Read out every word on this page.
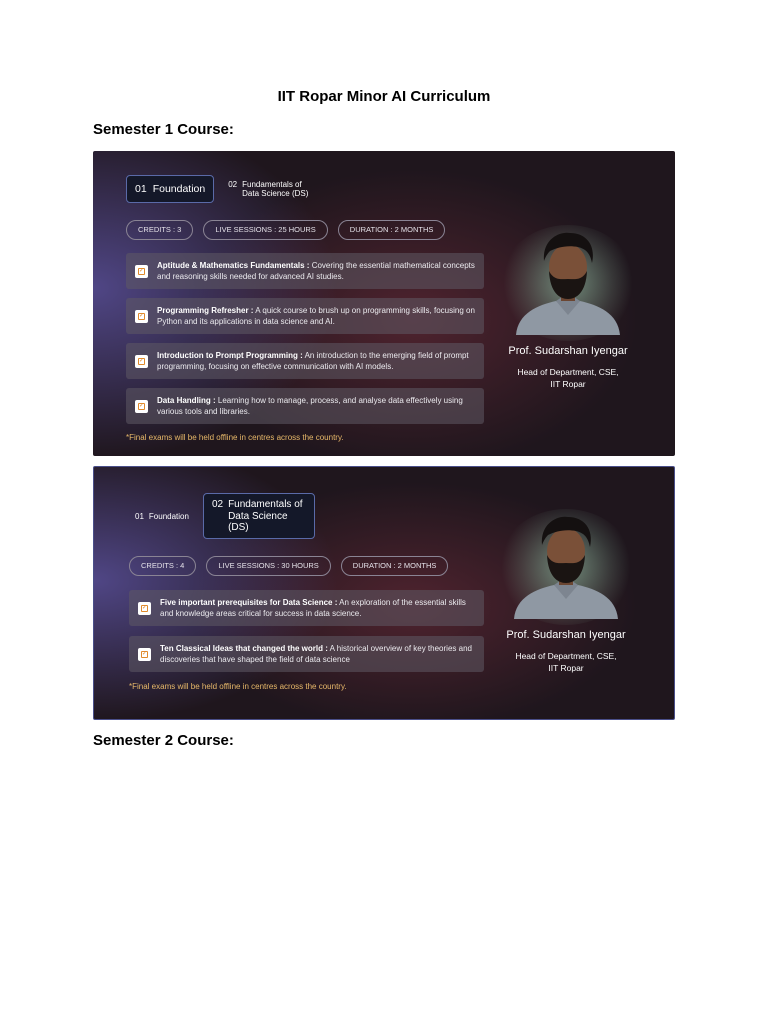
IIT Ropar Minor AI Curriculum
Semester 1 Course:
01 Foundation	02 Fundamentals of Data Science (DS)
CREDITS : 3	LIVE SESSIONS : 25 HOURS	DURATION : 2 MONTHS
✓
Aptitude & Mathematics Fundamentals : Covering the essential mathematical concepts and reasoning skills needed for advanced AI studies.
✓
Programming Refresher : A quick course to brush up on programming skills, focusing on Python and its applications in data science and AI.
✓
Introduction to Prompt Programming : An introduction to the emerging field of prompt programming, focusing on effective communication with AI models.
✓
Data Handling : Learning how to manage, process, and analyse data effectively using various tools and libraries.
*Final exams will be held offline in centres across the country.
Prof. Sudarshan Iyengar
Head of Department, CSE,
IIT Ropar
01 Foundation
02 Fundamentals of Data Science (DS)
CREDITS : 4	LIVE SESSIONS : 30 HOURS	DURATION : 2 MONTHS
✓
Five important prerequisites for Data Science : An exploration of the essential skills and knowledge areas critical for success in data science.
✓
Ten Classical Ideas that changed the world : A historical overview of key theories and discoveries that have shaped the field of data science
*Final exams will be held offline in centres across the country.
Prof. Sudarshan Iyengar
Head of Department, CSE,
IIT Ropar
Semester 2 Course:
